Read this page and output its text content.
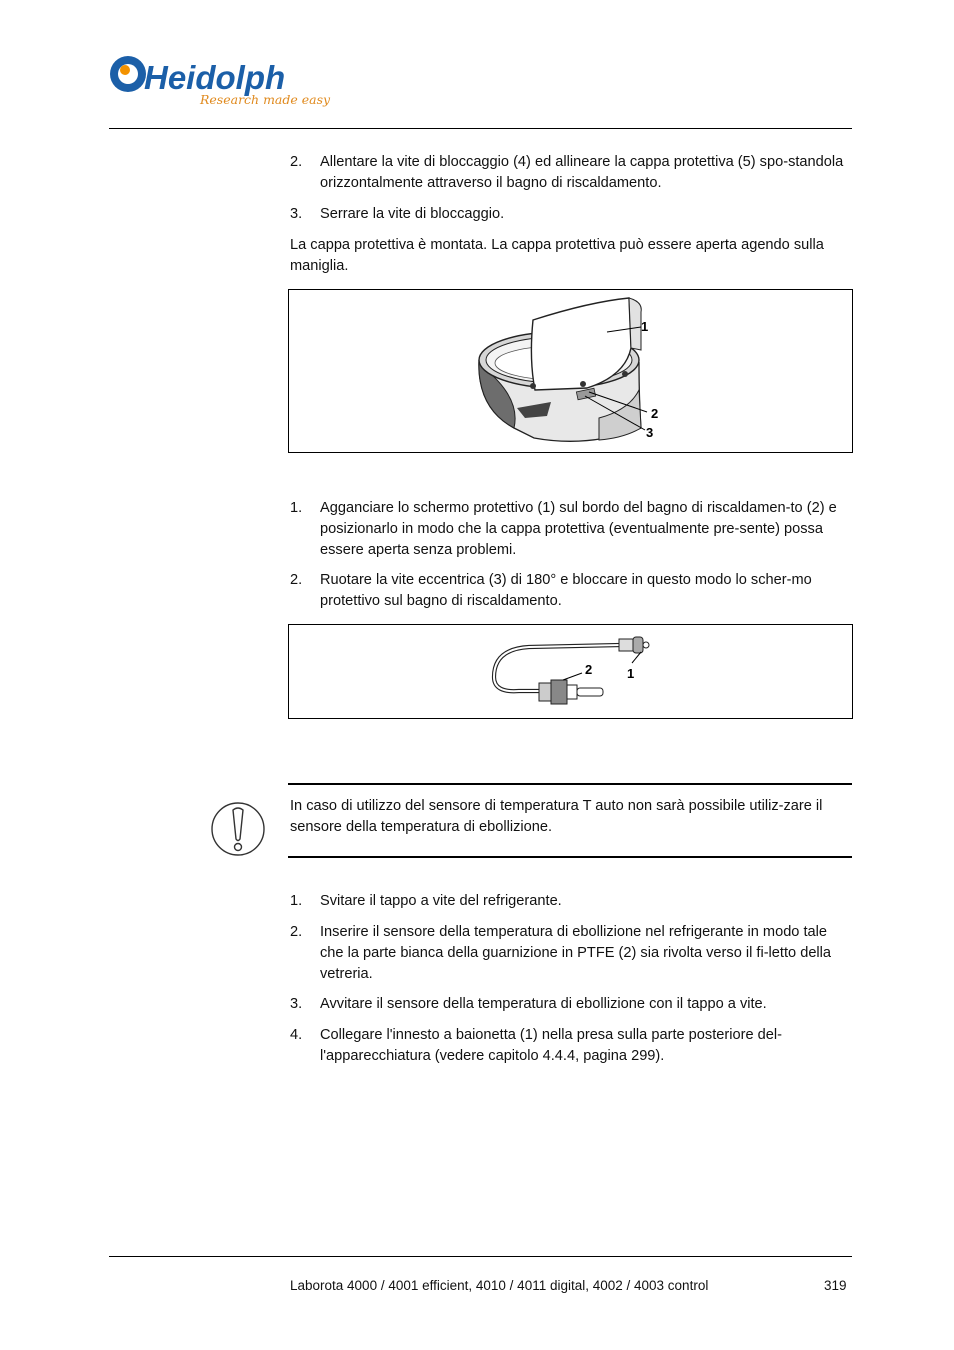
Heidolph
Research made easy
2. Allentare la vite di bloccaggio (4) ed allineare la cappa protettiva (5) spo-standola orizzontalmente attraverso il bagno di riscaldamento.
3. Serrare la vite di bloccaggio.
La cappa protettiva è montata. La cappa protettiva può essere aperta agendo sulla maniglia.
1
2
3
1. Agganciare lo schermo protettivo (1) sul bordo del bagno di riscaldamen-to (2) e posizionarlo in modo che la cappa protettiva (eventualmente pre-sente) possa essere aperta senza problemi.
2. Ruotare la vite eccentrica (3) di 180° e bloccare in questo modo lo scher-mo protettivo sul bagno di riscaldamento.
2	1
In caso di utilizzo del sensore di temperatura T auto non sarà possibile utiliz-zare il sensore della temperatura di ebollizione.
1. Svitare il tappo a vite del refrigerante.
2. Inserire il sensore della temperatura di ebollizione nel refrigerante in modo tale che la parte bianca della guarnizione in PTFE (2) sia rivolta verso il fi-letto della vetreria.
3. Avvitare il sensore della temperatura di ebollizione con il tappo a vite.
4. Collegare l'innesto a baionetta (1) nella presa sulla parte posteriore del-l'apparecchiatura (vedere capitolo 4.4.4, pagina 299).
Laborota 4000 / 4001 efficient, 4010 / 4011 digital, 4002 / 4003 control	319
